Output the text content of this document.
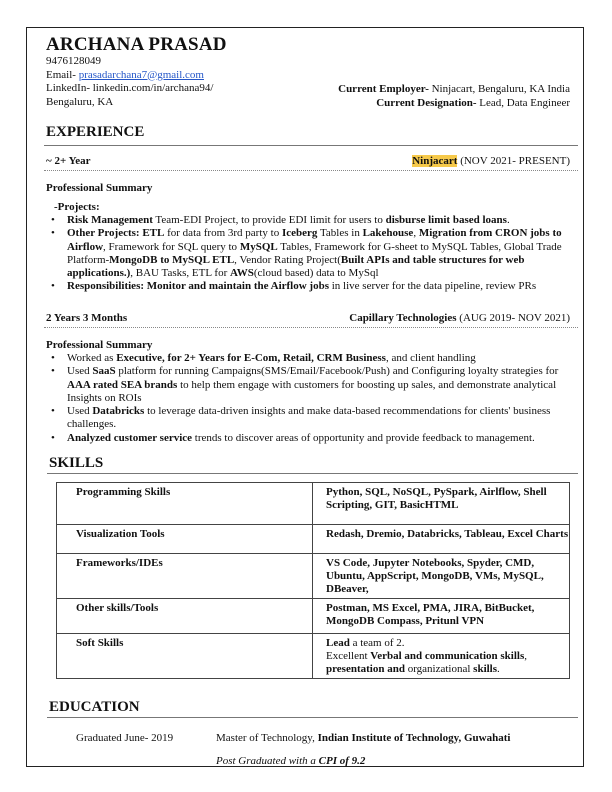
ARCHANA PRASAD
9476128049
Email- prasadarchana7@gmail.com
LinkedIn- linkedin.com/in/archana94/
Bengaluru, KA
Current Employer- Ninjacart, Bengaluru, KA India
Current Designation- Lead, Data Engineer
EXPERIENCE
~ 2+ Year	Ninjacart (NOV 2021- PRESENT)
Professional Summary
-Projects:
• Risk Management Team-EDI Project, to provide EDI limit for users to disburse limit based loans.
• Other Projects: ETL for data from 3rd party to Iceberg Tables in Lakehouse, Migration from CRON jobs to Airflow, Framework for SQL query to MySQL Tables, Framework for G-sheet to MySQL Tables, Global Trade Platform-MongoDB to MySQL ETL, Vendor Rating Project(Built APIs and table structures for web applications.), BAU Tasks, ETL for AWS(cloud based) data to MySql
• Responsibilities: Monitor and maintain the Airflow jobs in live server for the data pipeline, review PRs
2 Years 3 Months	Capillary Technologies (AUG 2019- NOV 2021)
Professional Summary
• Worked as Executive, for 2+ Years for E-Com, Retail, CRM Business, and client handling
• Used SaaS platform for running Campaigns(SMS/Email/Facebook/Push) and Configuring loyalty strategies for AAA rated SEA brands to help them engage with customers for boosting up sales, and demonstrate analytical Insights on ROIs
• Used Databricks to leverage data-driven insights and make data-based recommendations for clients' business challenges.
• Analyzed customer service trends to discover areas of opportunity and provide feedback to management.
SKILLS
Programming Skills	Python, SQL, NoSQL, PySpark, Airlflow, Shell Scripting, GIT, BasicHTML
Visualization Tools	Redash, Dremio, Databricks, Tableau, Excel Charts
Frameworks/IDEs	VS Code, Jupyter Notebooks, Spyder, CMD, Ubuntu, AppScript, MongoDB, VMs, MySQL, DBeaver,
Other skills/Tools	Postman, MS Excel, PMA, JIRA, BitBucket, MongoDB Compass, Pritunl VPN
Soft Skills	Lead a team of 2.
Excellent Verbal and communication skills, presentation and organizational skills.
EDUCATION
Graduated June- 2019	Master of Technology, Indian Institute of Technology, Guwahati
Post Graduated with a CPI of 9.2
